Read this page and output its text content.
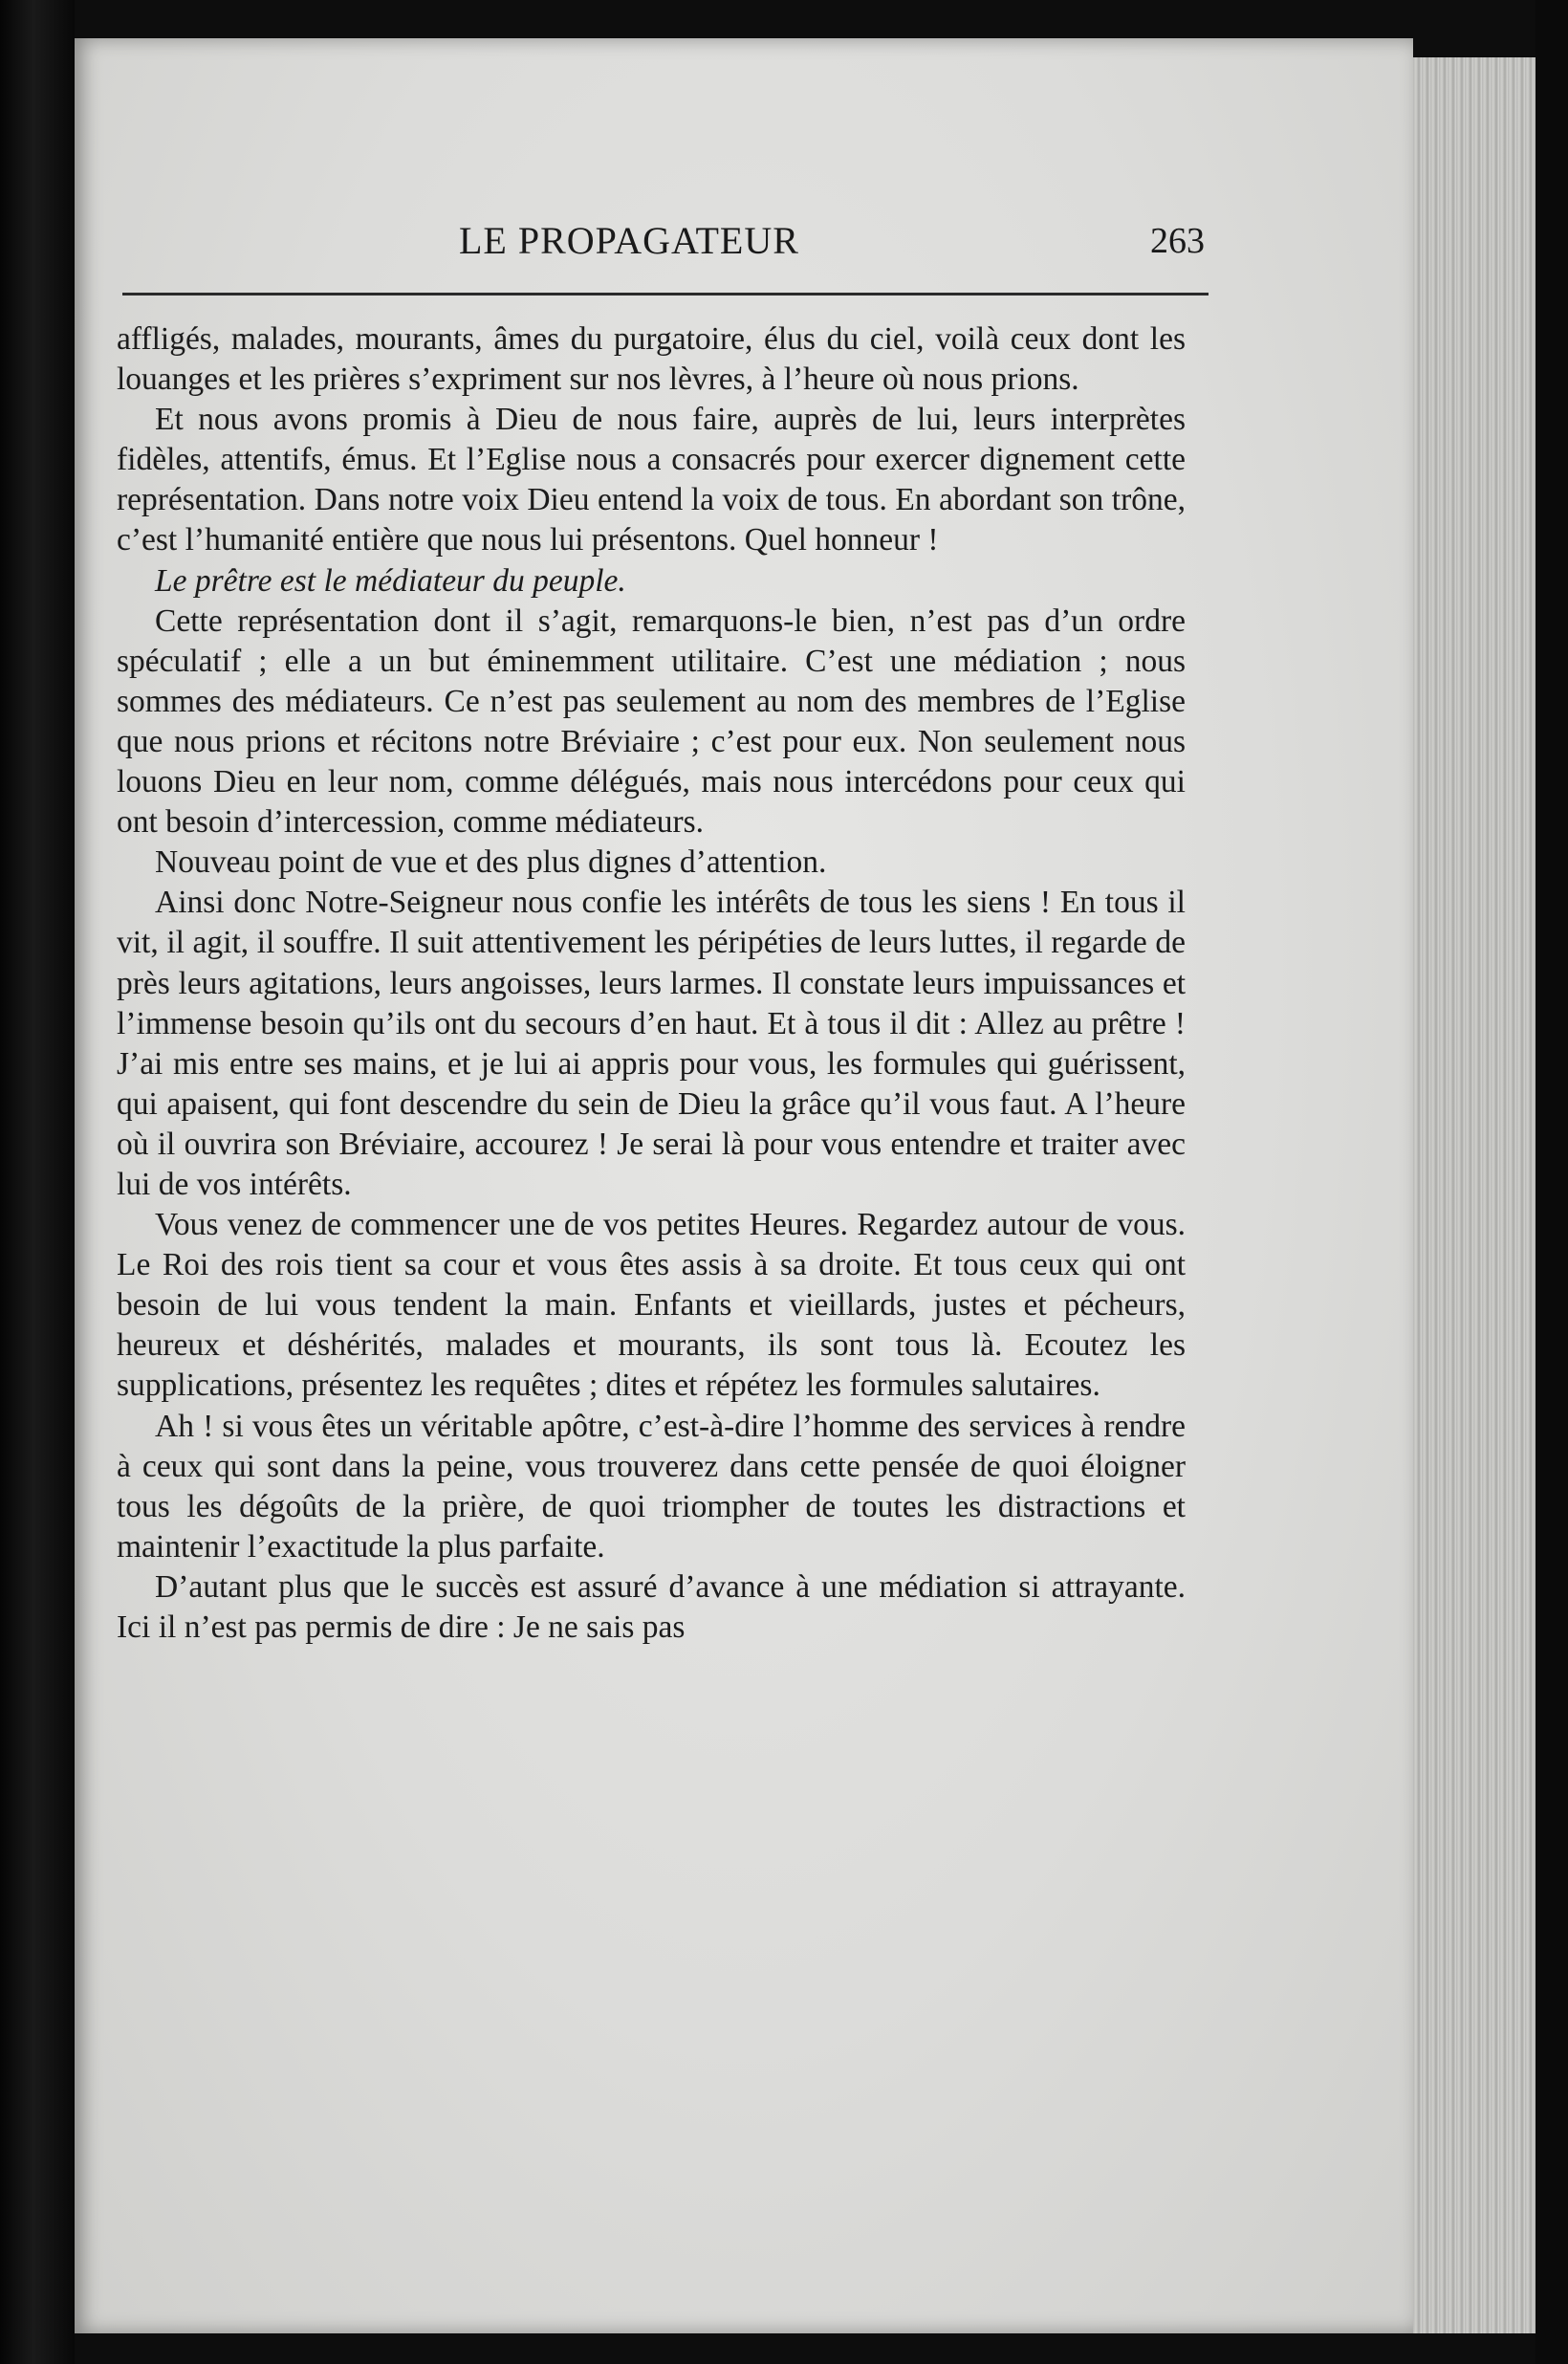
LE PROPAGATEUR	263

affligés, malades, mourants, âmes du purgatoire, élus du ciel, voilà ceux dont les louanges et les prières s’expriment sur nos lèvres, à l’heure où nous prions.

Et nous avons promis à Dieu de nous faire, auprès de lui, leurs interprètes fidèles, attentifs, émus. Et l’Eglise nous a consacrés pour exercer dignement cette représentation. Dans notre voix Dieu entend la voix de tous. En abordant son trône, c’est l’humanité entière que nous lui présentons. Quel honneur !

Le prêtre est le médiateur du peuple.

Cette représentation dont il s’agit, remarquons-le bien, n’est pas d’un ordre spéculatif ; elle a un but éminemment utilitaire. C’est une médiation ; nous sommes des médiateurs. Ce n’est pas seulement au nom des membres de l’Eglise que nous prions et récitons notre Bréviaire ; c’est pour eux. Non seulement nous louons Dieu en leur nom, comme délégués, mais nous intercédons pour ceux qui ont besoin d’intercession, comme médiateurs.

Nouveau point de vue et des plus dignes d’attention.

Ainsi donc Notre-Seigneur nous confie les intérêts de tous les siens ! En tous il vit, il agit, il souffre. Il suit attentivement les péripéties de leurs luttes, il regarde de près leurs agitations, leurs angoisses, leurs larmes. Il constate leurs impuissances et l’immense besoin qu’ils ont du secours d’en haut. Et à tous il dit : Allez au prêtre ! J’ai mis entre ses mains, et je lui ai appris pour vous, les formules qui guérissent, qui apaisent, qui font descendre du sein de Dieu la grâce qu’il vous faut. A l’heure où il ouvrira son Bréviaire, accourez ! Je serai là pour vous entendre et traiter avec lui de vos intérêts.

Vous venez de commencer une de vos petites Heures. Regardez autour de vous. Le Roi des rois tient sa cour et vous êtes assis à sa droite. Et tous ceux qui ont besoin de lui vous tendent la main. Enfants et vieillards, justes et pécheurs, heureux et déshérités, malades et mourants, ils sont tous là. Ecoutez les supplications, présentez les requêtes ; dites et répétez les formules salutaires.

Ah ! si vous êtes un véritable apôtre, c’est-à-dire l’homme des services à rendre à ceux qui sont dans la peine, vous trouverez dans cette pensée de quoi éloigner tous les dégoûts de la prière, de quoi triompher de toutes les distractions et maintenir l’exactitude la plus parfaite.

D’autant plus que le succès est assuré d’avance à une médiation si attrayante. Ici il n’est pas permis de dire : Je ne sais pas
